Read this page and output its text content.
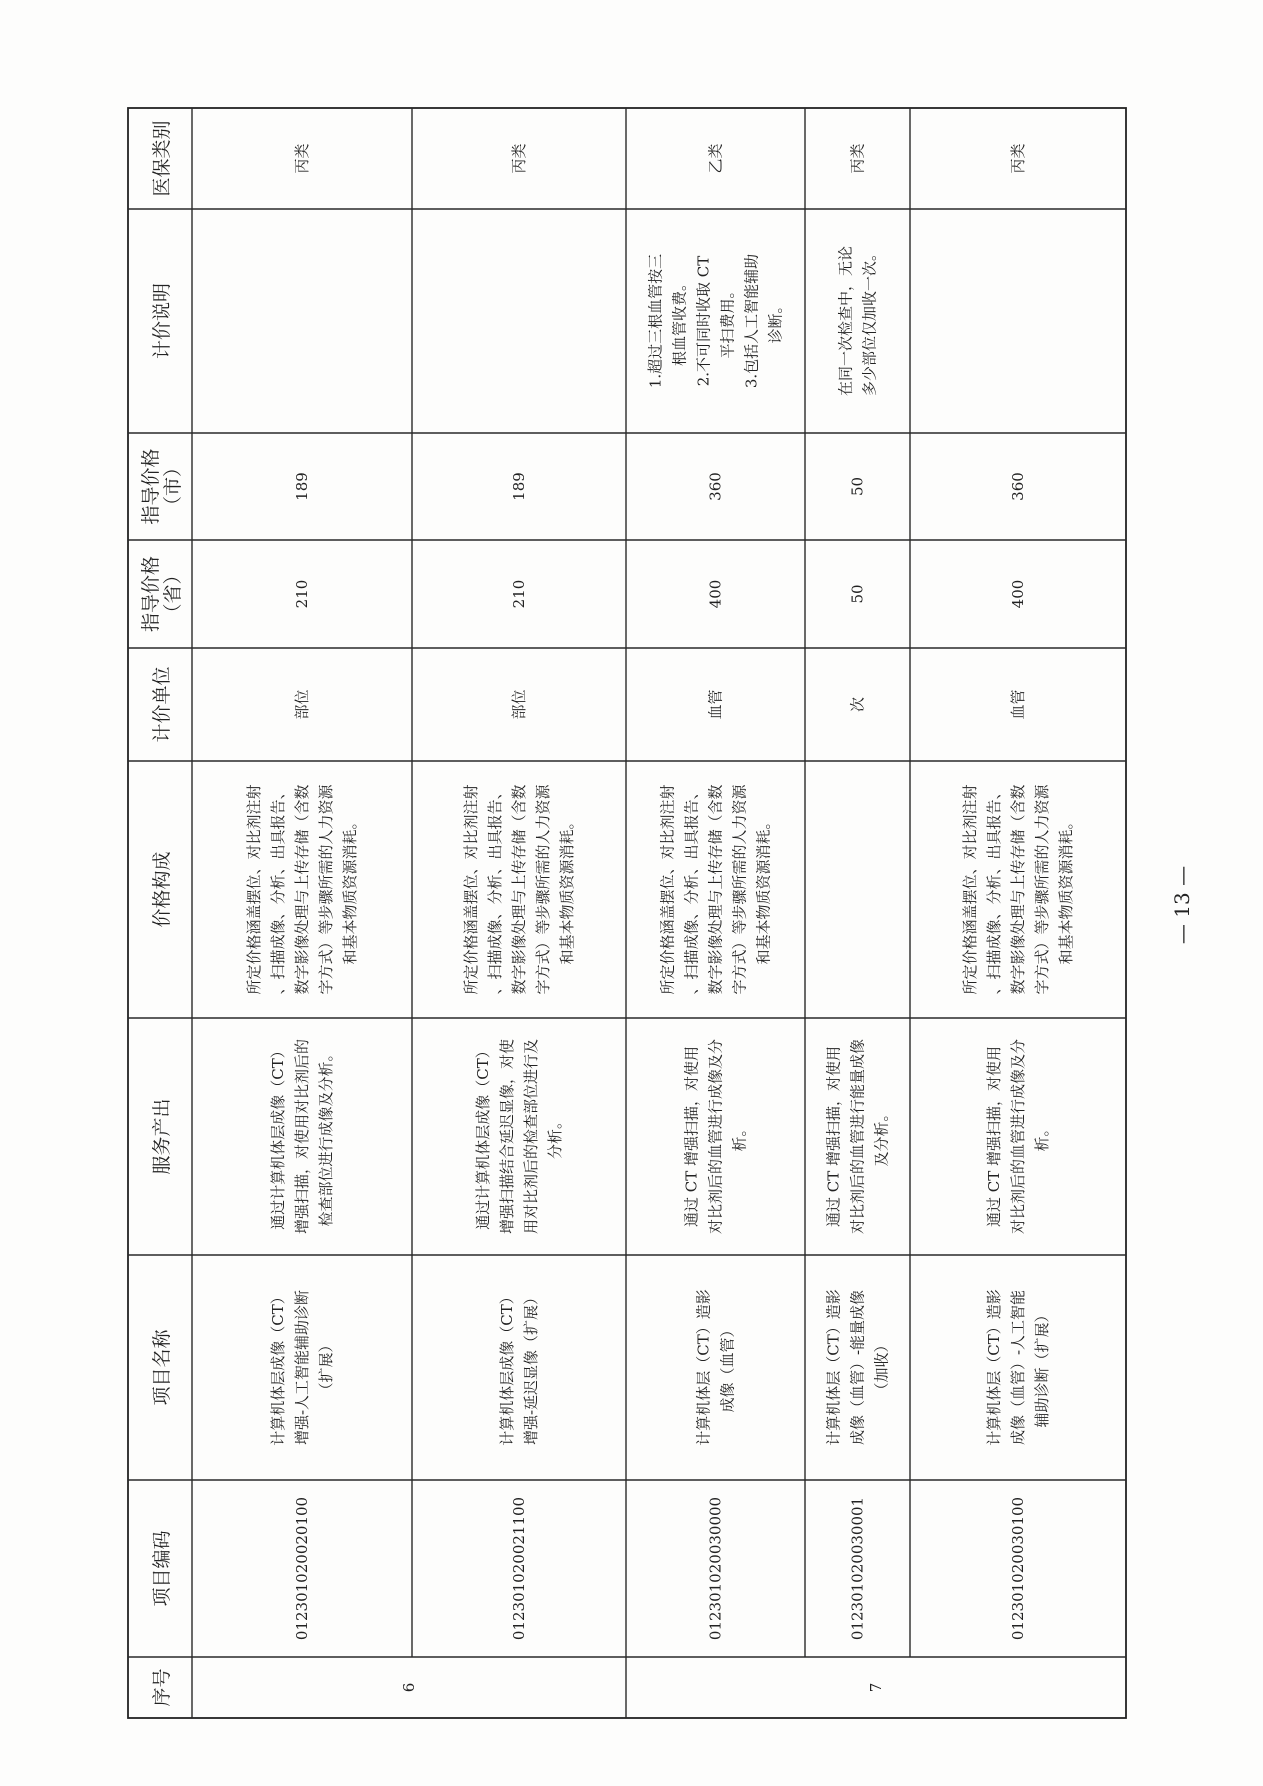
序号
项目编码
项目名称
服务产出
价格构成
计价单位
指导价格 （省）
指导价格 （市）
计价说明
医保类别
6	7
012301020020100
计算机体层成像（CT） 增强-人工智能辅助诊断 （扩展）
通过计算机体层成像（CT） 增强扫描，对使用对比剂后的 检查部位进行成像及分析。
所定价格涵盖摆位、对比剂注射 、扫描成像、分析、出具报告、 数字影像处理与上传存储（含数 字方式）等步骤所需的人力资源 和基本物质资源消耗。
部位
210
189
丙类
012301020021100
计算机体层成像（CT） 增强-延迟显像（扩展）
通过计算机体层成像（CT） 增强扫描结合延迟显像，对使 用对比剂后的检查部位进行及 分析。
所定价格涵盖摆位、对比剂注射 、扫描成像、分析、出具报告、 数字影像处理与上传存储（含数 字方式）等步骤所需的人力资源 和基本物质资源消耗。
部位
210
189
丙类
012301020030000
计算机体层（CT）造影 成像（血管）
通过 CT 增强扫描，对使用 对比剂后的血管进行成像及分 析。
所定价格涵盖摆位、对比剂注射 、扫描成像、分析、出具报告、 数字影像处理与上传存储（含数 字方式）等步骤所需的人力资源 和基本物质资源消耗。
血管
400
360
1.超过三根血管按三 根血管收费。 2.不可同时收取 CT 平扫费用。 3.包括人工智能辅助 诊断。
乙类
012301020030001
计算机体层（CT）造影 成像（血管）-能量成像 （加收）
通过 CT 增强扫描，对使用 对比剂后的血管进行能量成像 及分析。
次
50
50
在同一次检查中，无论 多少部位仅加收一次。
丙类
012301020030100
计算机体层（CT）造影 成像（血管）-人工智能 辅助诊断（扩展）
通过 CT 增强扫描，对使用 对比剂后的血管进行成像及分 析。
所定价格涵盖摆位、对比剂注射 、扫描成像、分析、出具报告、 数字影像处理与上传存储（含数 字方式）等步骤所需的人力资源 和基本物质资源消耗。
血管
400
360
丙类
— 13 —
